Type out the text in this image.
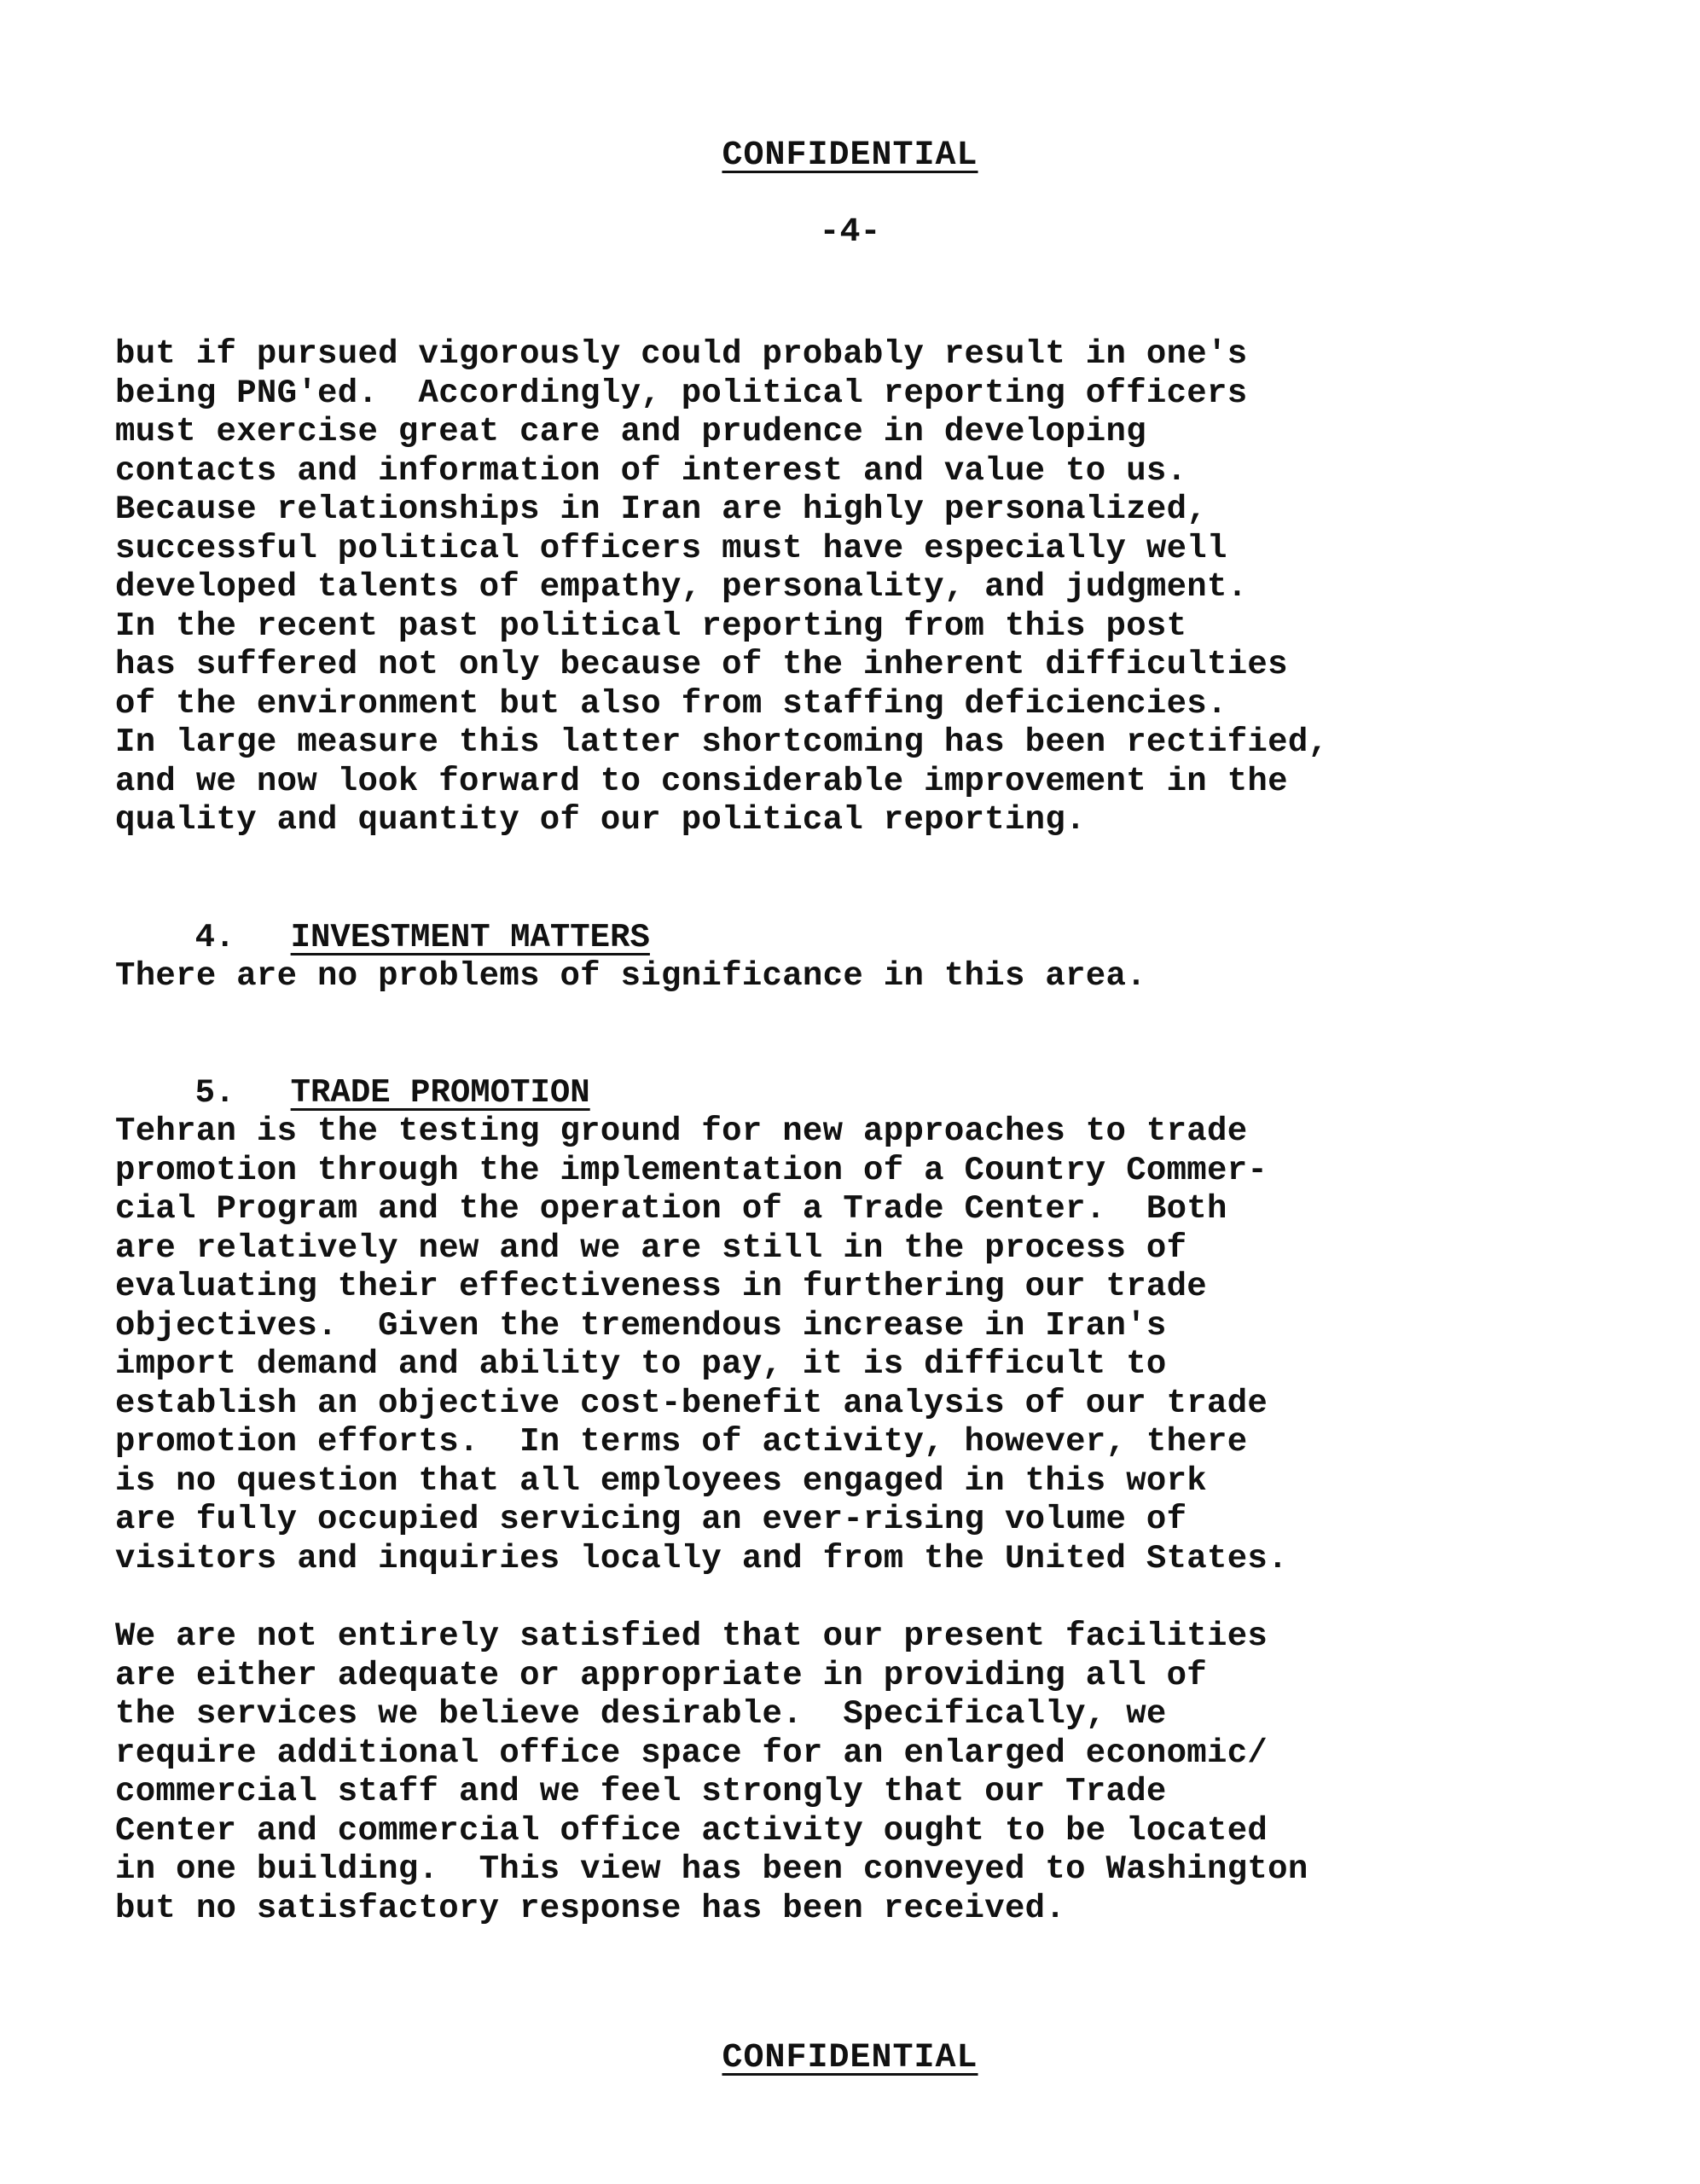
CONFIDENTIAL
-4-
but if pursued vigorously could probably result in one's
being PNG'ed.  Accordingly, political reporting officers
must exercise great care and prudence in developing
contacts and information of interest and value to us.
Because relationships in Iran are highly personalized,
successful political officers must have especially well
developed talents of empathy, personality, and judgment.
In the recent past political reporting from this post
has suffered not only because of the inherent difficulties
of the environment but also from staffing deficiencies.
In large measure this latter shortcoming has been rectified,
and we now look forward to considerable improvement in the
quality and quantity of our political reporting.

4. INVESTMENT MATTERS

There are no problems of significance in this area.

5. TRADE PROMOTION

Tehran is the testing ground for new approaches to trade
promotion through the implementation of a Country Commer-
cial Program and the operation of a Trade Center.  Both
are relatively new and we are still in the process of
evaluating their effectiveness in furthering our trade
objectives.  Given the tremendous increase in Iran's
import demand and ability to pay, it is difficult to
establish an objective cost-benefit analysis of our trade
promotion efforts.  In terms of activity, however, there
is no question that all employees engaged in this work
are fully occupied servicing an ever-rising volume of
visitors and inquiries locally and from the United States.
We are not entirely satisfied that our present facilities
are either adequate or appropriate in providing all of
the services we believe desirable.  Specifically, we
require additional office space for an enlarged economic/
commercial staff and we feel strongly that our Trade
Center and commercial office activity ought to be located
in one building.  This view has been conveyed to Washington
but no satisfactory response has been received.
CONFIDENTIAL
